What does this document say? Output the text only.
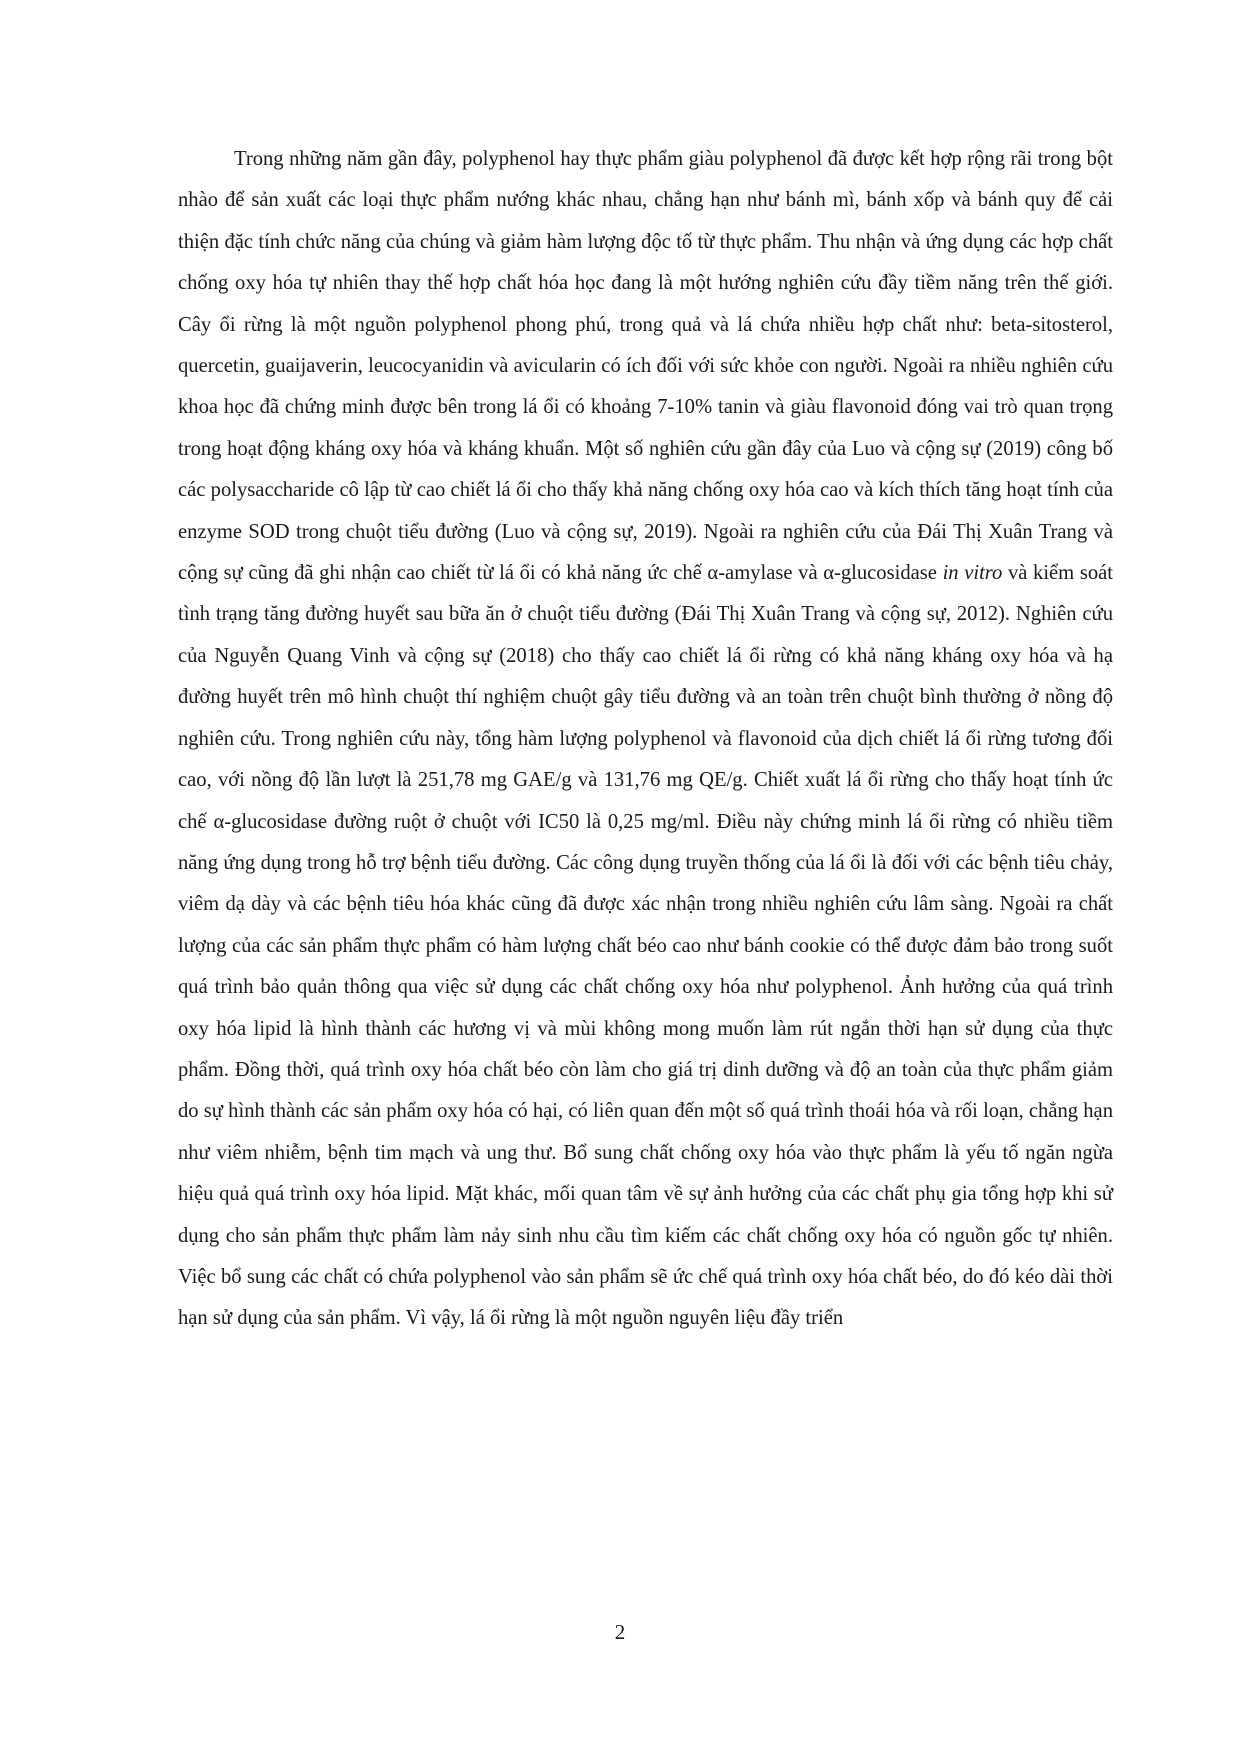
Trong những năm gần đây, polyphenol hay thực phẩm giàu polyphenol đã được kết hợp rộng rãi trong bột nhào để sản xuất các loại thực phẩm nướng khác nhau, chẳng hạn như bánh mì, bánh xốp và bánh quy để cải thiện đặc tính chức năng của chúng và giảm hàm lượng độc tố từ thực phẩm. Thu nhận và ứng dụng các hợp chất chống oxy hóa tự nhiên thay thế hợp chất hóa học đang là một hướng nghiên cứu đầy tiềm năng trên thế giới. Cây ổi rừng là một nguồn polyphenol phong phú, trong quả và lá chứa nhiều hợp chất như: beta-sitosterol, quercetin, guaijaverin, leucocyanidin và avicularin có ích đối với sức khỏe con người. Ngoài ra nhiều nghiên cứu khoa học đã chứng minh được bên trong lá ổi có khoảng 7-10% tanin và giàu flavonoid đóng vai trò quan trọng trong hoạt động kháng oxy hóa và kháng khuẩn. Một số nghiên cứu gần đây của Luo và cộng sự (2019) công bố các polysaccharide cô lập từ cao chiết lá ổi cho thấy khả năng chống oxy hóa cao và kích thích tăng hoạt tính của enzyme SOD trong chuột tiểu đường (Luo và cộng sự, 2019). Ngoài ra nghiên cứu của Đái Thị Xuân Trang và cộng sự cũng đã ghi nhận cao chiết từ lá ổi có khả năng ức chế α-amylase và α-glucosidase in vitro và kiểm soát tình trạng tăng đường huyết sau bữa ăn ở chuột tiểu đường (Đái Thị Xuân Trang và cộng sự, 2012). Nghiên cứu của Nguyễn Quang Vinh và cộng sự (2018) cho thấy cao chiết lá ổi rừng có khả năng kháng oxy hóa và hạ đường huyết trên mô hình chuột thí nghiệm chuột gây tiểu đường và an toàn trên chuột bình thường ở nồng độ nghiên cứu. Trong nghiên cứu này, tổng hàm lượng polyphenol và flavonoid của dịch chiết lá ổi rừng tương đối cao, với nồng độ lần lượt là 251,78 mg GAE/g và 131,76 mg QE/g. Chiết xuất lá ổi rừng cho thấy hoạt tính ức chế α-glucosidase đường ruột ở chuột với IC50 là 0,25 mg/ml. Điều này chứng minh lá ổi rừng có nhiều tiềm năng ứng dụng trong hỗ trợ bệnh tiểu đường. Các công dụng truyền thống của lá ổi là đối với các bệnh tiêu chảy, viêm dạ dày và các bệnh tiêu hóa khác cũng đã được xác nhận trong nhiều nghiên cứu lâm sàng. Ngoài ra chất lượng của các sản phẩm thực phẩm có hàm lượng chất béo cao như bánh cookie có thể được đảm bảo trong suốt quá trình bảo quản thông qua việc sử dụng các chất chống oxy hóa như polyphenol. Ảnh hưởng của quá trình oxy hóa lipid là hình thành các hương vị và mùi không mong muốn làm rút ngắn thời hạn sử dụng của thực phẩm. Đồng thời, quá trình oxy hóa chất béo còn làm cho giá trị dinh dưỡng và độ an toàn của thực phẩm giảm do sự hình thành các sản phẩm oxy hóa có hại, có liên quan đến một số quá trình thoái hóa và rối loạn, chẳng hạn như viêm nhiễm, bệnh tim mạch và ung thư. Bổ sung chất chống oxy hóa vào thực phẩm là yếu tố ngăn ngừa hiệu quả quá trình oxy hóa lipid. Mặt khác, mối quan tâm về sự ảnh hưởng của các chất phụ gia tổng hợp khi sử dụng cho sản phẩm thực phẩm làm nảy sinh nhu cầu tìm kiếm các chất chống oxy hóa có nguồn gốc tự nhiên. Việc bổ sung các chất có chứa polyphenol vào sản phẩm sẽ ức chế quá trình oxy hóa chất béo, do đó kéo dài thời hạn sử dụng của sản phẩm. Vì vậy, lá ổi rừng là một nguồn nguyên liệu đầy triển

2
